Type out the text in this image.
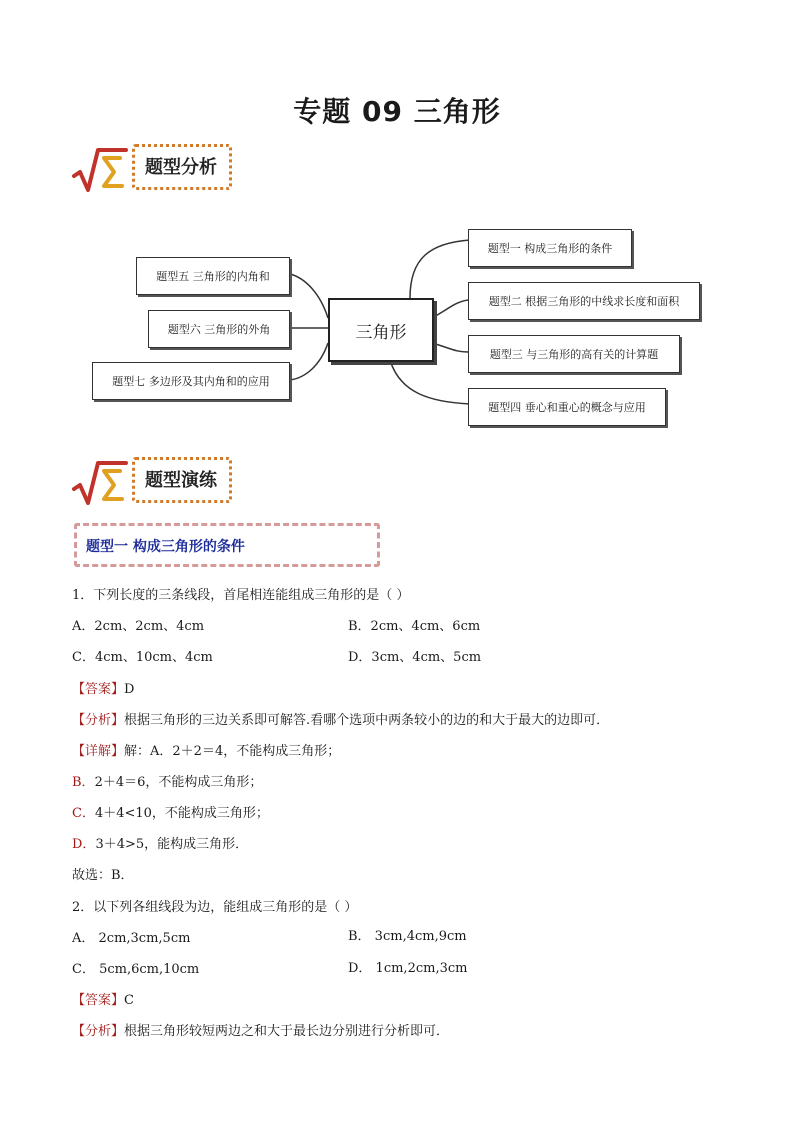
专题 09 三角形
题型分析
三角形
题型一 构成三角形的条件
题型二 根据三角形的中线求长度和面积
题型三 与三角形的高有关的计算题
题型四 垂心和重心的概念与应用
题型五 三角形的内角和
题型六 三角形的外角
题型七 多边形及其内角和的应用
题型演练
题型一 构成三角形的条件
1．下列长度的三条线段，首尾相连能组成三角形的是（ ）
A．2cm、2cm、4cm	B．2cm、4cm、6cm
C．4cm、10cm、4cm	D．3cm、4cm、5cm
【答案】D
【分析】根据三角形的三边关系即可解答.看哪个选项中两条较小的边的和大于最大的边即可．
【详解】解：A．2＋2＝4，不能构成三角形；
B．2＋4＝6，不能构成三角形；
C．4＋4<10，不能构成三角形；
D．3＋4>5，能构成三角形．
故选：B．
2．以下列各组线段为边，能组成三角形的是（ ）
A． 2cm,3cm,5cm	B． 3cm,4cm,9cm
C． 5cm,6cm,10cm	D． 1cm,2cm,3cm
【答案】C
【分析】根据三角形较短两边之和大于最长边分别进行分析即可．
